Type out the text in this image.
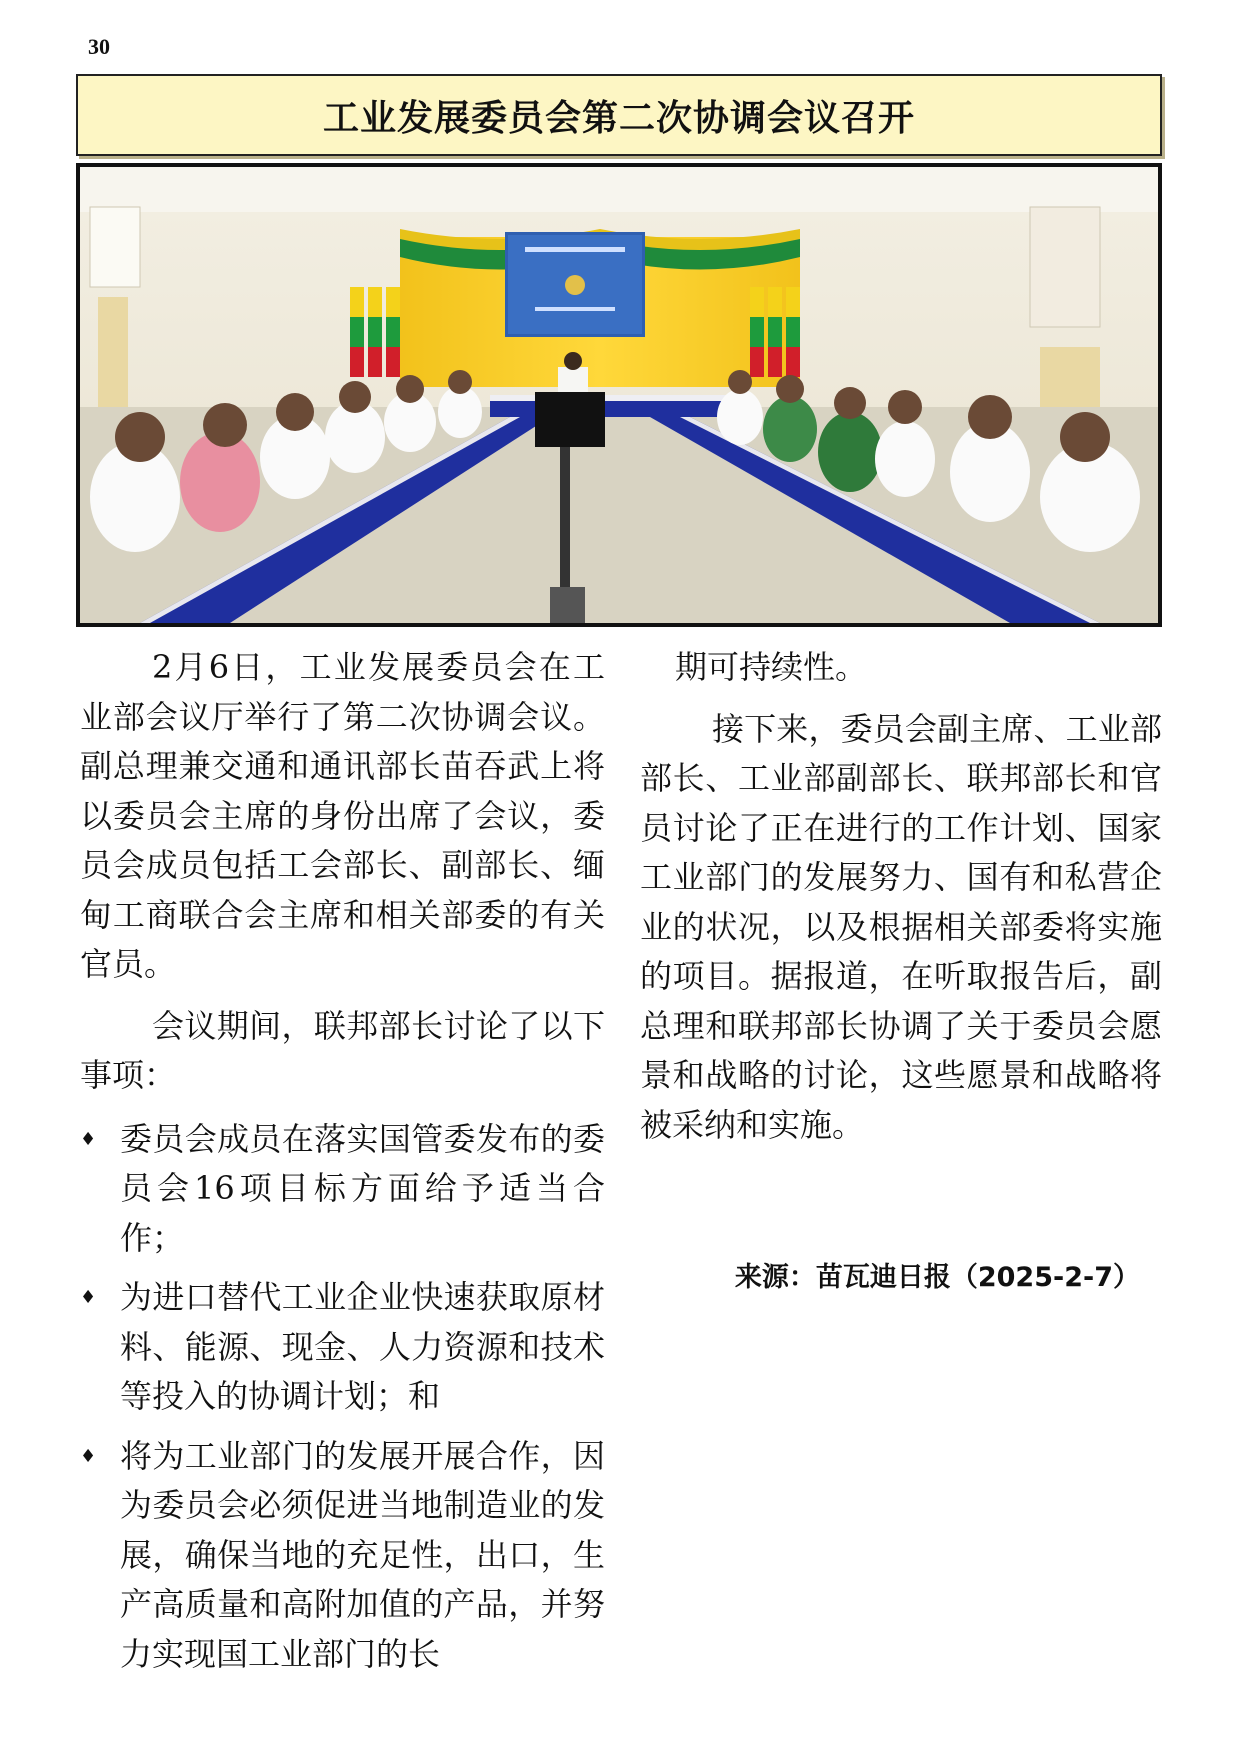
30
工业发展委员会第二次协调会议召开

2月6日，工业发展委员会在工业部会议厅举行了第二次协调会议。副总理兼交通和通讯部长苗吞武上将以委员会主席的身份出席了会议，委员会成员包括工会部长、副部长、缅甸工商联合会主席和相关部委的有关官员。

会议期间，联邦部长讨论了以下事项：

♦ 委员会成员在落实国管委发布的委员会16项目标方面给予适当合作；
♦ 为进口替代工业企业快速获取原材料、能源、现金、人力资源和技术等投入的协调计划；和
♦ 将为工业部门的发展开展合作，因为委员会必须促进当地制造业的发展，确保当地的充足性，出口，生产高质量和高附加值的产品，并努力实现国工业部门的长

期可持续性。

接下来，委员会副主席、工业部部长、工业部副部长、联邦部长和官员讨论了正在进行的工作计划、国家工业部门的发展努力、国有和私营企业的状况，以及根据相关部委将实施的项目。据报道，在听取报告后，副总理和联邦部长协调了关于委员会愿景和战略的讨论，这些愿景和战略将被采纳和实施。

来源：苗瓦迪日报（2025-2-7）
